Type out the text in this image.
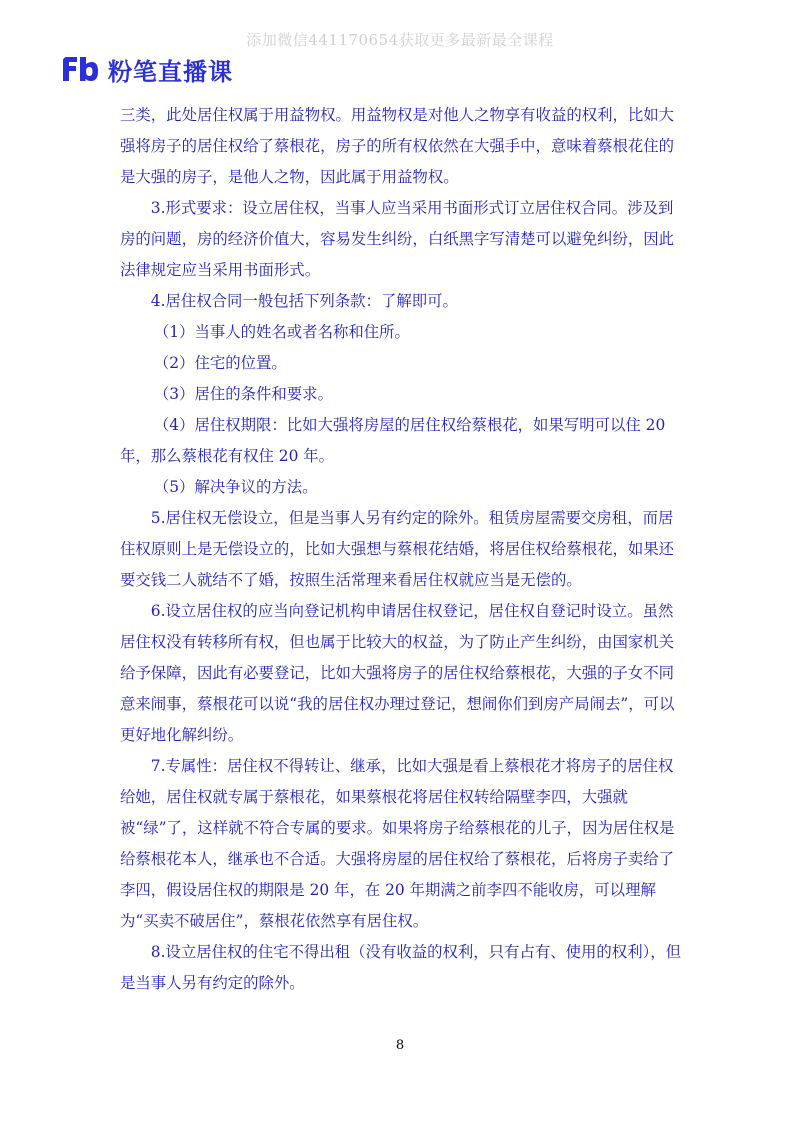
添加微信441170654获取更多最新最全课程
粉笔直播课

三类，此处居住权属于用益物权。用益物权是对他人之物享有收益的权利，比如大强将房子的居住权给了蔡根花，房子的所有权依然在大强手中，意味着蔡根花住的是大强的房子，是他人之物，因此属于用益物权。

3.形式要求：设立居住权，当事人应当采用书面形式订立居住权合同。涉及到房的问题，房的经济价值大，容易发生纠纷，白纸黑字写清楚可以避免纠纷，因此法律规定应当采用书面形式。

4.居住权合同一般包括下列条款：了解即可。

（1）当事人的姓名或者名称和住所。

（2）住宅的位置。

（3）居住的条件和要求。

（4）居住权期限：比如大强将房屋的居住权给蔡根花，如果写明可以住 20 年，那么蔡根花有权住 20 年。

（5）解决争议的方法。

5.居住权无偿设立，但是当事人另有约定的除外。租赁房屋需要交房租，而居住权原则上是无偿设立的，比如大强想与蔡根花结婚，将居住权给蔡根花，如果还要交钱二人就结不了婚，按照生活常理来看居住权就应当是无偿的。

6.设立居住权的应当向登记机构申请居住权登记，居住权自登记时设立。虽然居住权没有转移所有权，但也属于比较大的权益，为了防止产生纠纷，由国家机关给予保障，因此有必要登记，比如大强将房子的居住权给蔡根花，大强的子女不同意来闹事，蔡根花可以说“我的居住权办理过登记，想闹你们到房产局闹去”，可以更好地化解纠纷。

7.专属性：居住权不得转让、继承，比如大强是看上蔡根花才将房子的居住权给她，居住权就专属于蔡根花，如果蔡根花将居住权转给隔壁李四，大强就被“绿”了，这样就不符合专属的要求。如果将房子给蔡根花的儿子，因为居住权是给蔡根花本人，继承也不合适。大强将房屋的居住权给了蔡根花，后将房子卖给了李四，假设居住权的期限是 20 年，在 20 年期满之前李四不能收房，可以理解为“买卖不破居住”，蔡根花依然享有居住权。

8.设立居住权的住宅不得出租（没有收益的权利，只有占有、使用的权利），但是当事人另有约定的除外。

8
